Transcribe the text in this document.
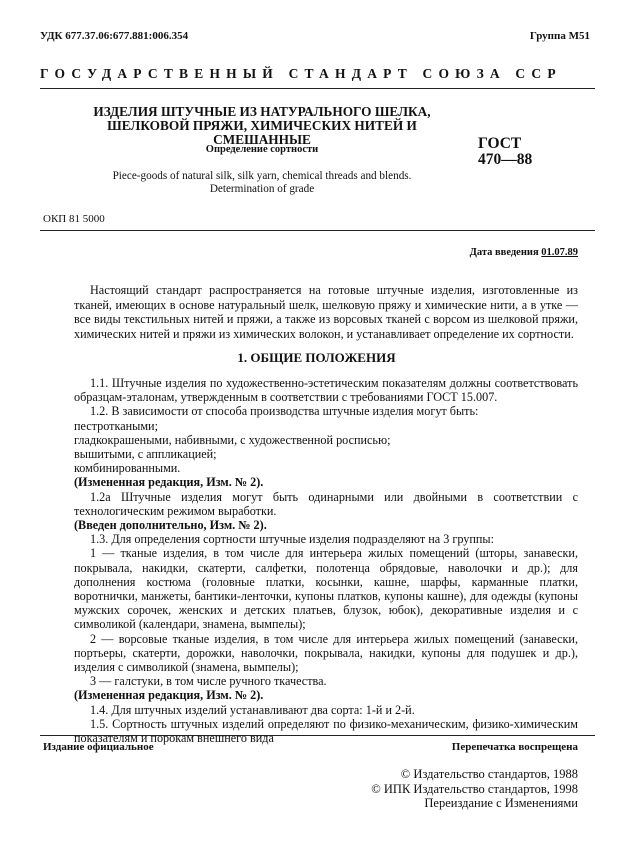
УДК 677.37.06:677.881:006.354	Группа М51
ГОСУДАРСТВЕННЫЙ СТАНДАРТ СОЮЗА ССР
ИЗДЕЛИЯ ШТУЧНЫЕ ИЗ НАТУРАЛЬНОГО ШЕЛКА,
ШЕЛКОВОЙ ПРЯЖИ, ХИМИЧЕСКИХ НИТЕЙ И СМЕШАННЫЕ
Определение сортности	ГОСТ
470—88
Piece-goods of natural silk, silk yarn, chemical threads and blends.
Determination of grade
ОКП 81 5000
Дата введения 01.07.89
Настоящий стандарт распространяется на готовые штучные изделия, изготовленные из тканей, имеющих в основе натуральный шелк, шелковую пряжу и химические нити, а в утке — все виды текстильных нитей и пряжи, а также из ворсовых тканей с ворсом из шелковой пряжи, химических нитей и пряжи из химических волокон, и устанавливает определение их сортности.
1. ОБЩИЕ ПОЛОЖЕНИЯ

1.1. Штучные изделия по художественно-эстетическим показателям должны соответствовать образцам-эталонам, утвержденным в соответствии с требованиями ГОСТ 15.007.

1.2. В зависимости от способа производства штучные изделия могут быть:

пестроткаными;

гладкокрашеными, набивными, с художественной росписью;

вышитыми, с аппликацией;

комбинированными.

(Измененная редакция, Изм. № 2).

1.2а Штучные изделия могут быть одинарными или двойными в соответствии с технологическим режимом выработки.

(Введен дополнительно, Изм. № 2).

1.3. Для определения сортности штучные изделия подразделяют на 3 группы:

1 — тканые изделия, в том числе для интерьера жилых помещений (шторы, занавески, покрывала, накидки, скатерти, салфетки, полотенца обрядовые, наволочки и др.); для дополнения костюма (головные платки, косынки, кашне, шарфы, карманные платки, воротнички, манжеты, бантики-ленточки, купоны платков, купоны кашне), для одежды (купоны мужских сорочек, женских и детских платьев, блузок, юбок), декоративные изделия и с символикой (календари, знамена, вымпелы);

2 — ворсовые тканые изделия, в том числе для интерьера жилых помещений (занавески, портьеры, скатерти, дорожки, наволочки, покрывала, накидки, купоны для подушек и др.), изделия с символикой (знамена, вымпелы);

3 — галстуки, в том числе ручного ткачества.

(Измененная редакция, Изм. № 2).

1.4. Для штучных изделий устанавливают два сорта: 1-й и 2-й.

1.5. Сортность штучных изделий определяют по физико-механическим, физико-химическим показателям и порокам внешнего вида

Издание официальное	Перепечатка воспрещена
© Издательство стандартов, 1988
© ИПК Издательство стандартов, 1998
Переиздание с Изменениями
